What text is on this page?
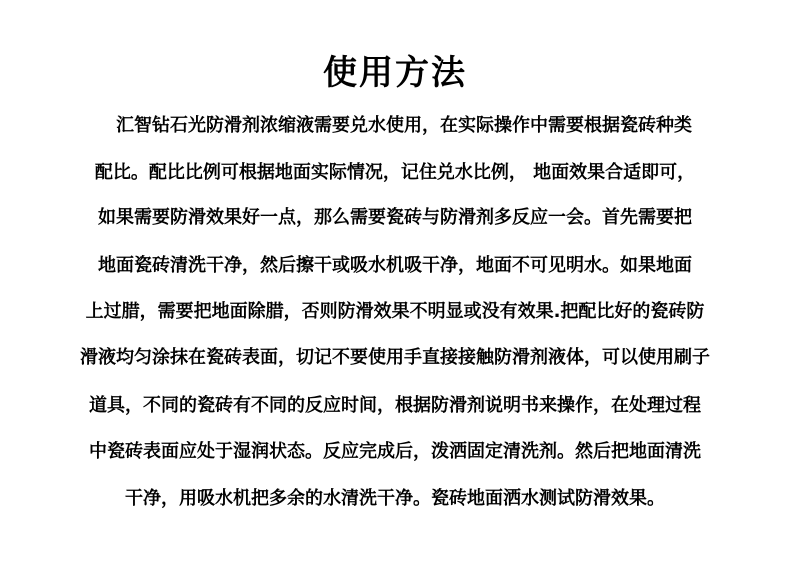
使用方法
汇智钻石光防滑剂浓缩液需要兑水使用，在实际操作中需要根据瓷砖种类
配比。配比比例可根据地面实际情况，记住兑水比例， 地面效果合适即可，
如果需要防滑效果好一点，那么需要瓷砖与防滑剂多反应一会。首先需要把
地面瓷砖清洗干净，然后擦干或吸水机吸干净，地面不可见明水。如果地面
上过腊，需要把地面除腊，否则防滑效果不明显或没有效果.把配比好的瓷砖防
滑液均匀涂抹在瓷砖表面，切记不要使用手直接接触防滑剂液体，可以使用刷子
道具，不同的瓷砖有不同的反应时间，根据防滑剂说明书来操作，在处理过程
中瓷砖表面应处于湿润状态。反应完成后，泼洒固定清洗剂。然后把地面清洗
干净，用吸水机把多余的水清洗干净。瓷砖地面洒水测试防滑效果。
